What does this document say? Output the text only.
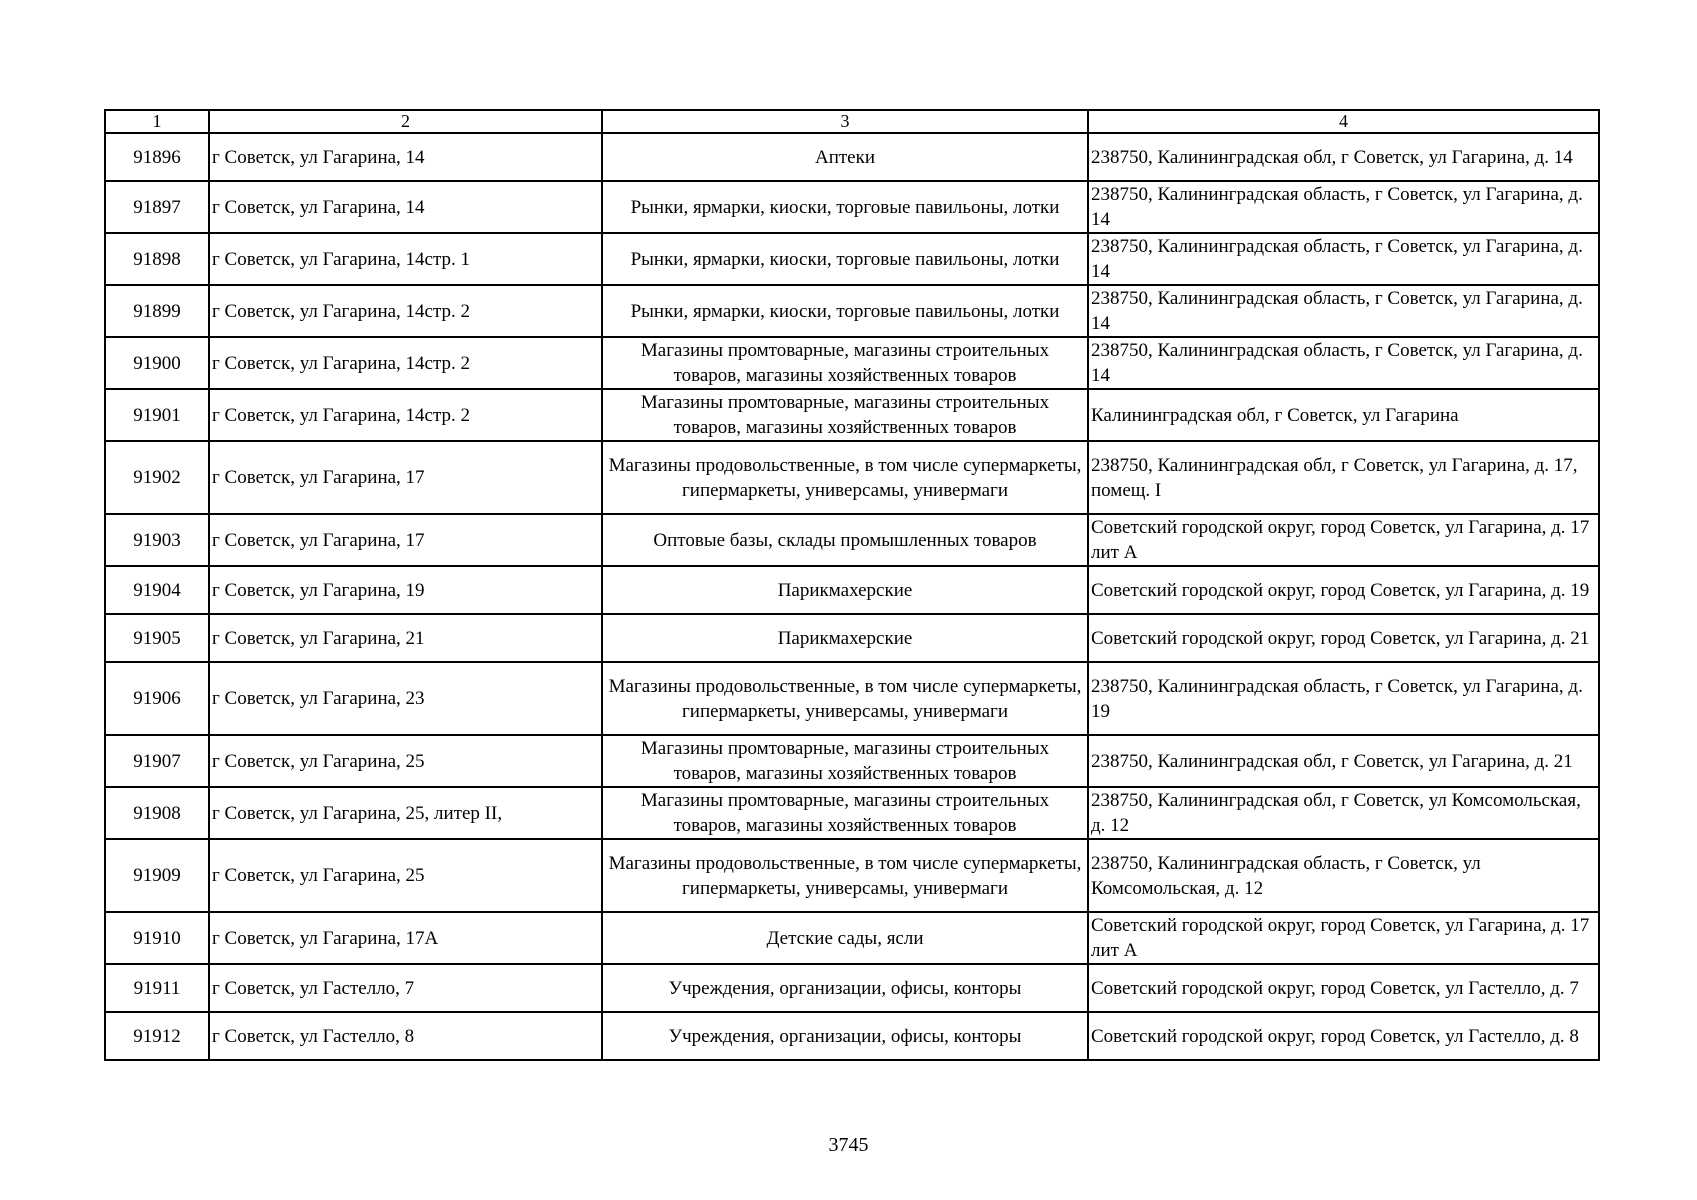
1	2	3	4
91896	г Советск, ул Гагарина, 14	Аптеки	238750, Калининградская обл, г Советск, ул Гагарина, д. 14
91897	г Советск, ул Гагарина, 14	Рынки, ярмарки, киоски, торговые павильоны, лотки	238750, Калининградская область, г Советск, ул Гагарина, д. 14
91898	г Советск, ул Гагарина, 14стр. 1	Рынки, ярмарки, киоски, торговые павильоны, лотки	238750, Калининградская область, г Советск, ул Гагарина, д. 14
91899	г Советск, ул Гагарина, 14стр. 2	Рынки, ярмарки, киоски, торговые павильоны, лотки	238750, Калининградская область, г Советск, ул Гагарина, д. 14
91900	г Советск, ул Гагарина, 14стр. 2	Магазины промтоварные, магазины строительных товаров, магазины хозяйственных товаров	238750, Калининградская область, г Советск, ул Гагарина, д. 14
91901	г Советск, ул Гагарина, 14стр. 2	Магазины промтоварные, магазины строительных товаров, магазины хозяйственных товаров	Калининградская обл, г Советск, ул Гагарина
91902	г Советск, ул Гагарина, 17	Магазины продовольственные, в том числе супермаркеты, гипермаркеты, универсамы, универмаги	238750, Калининградская обл, г Советск, ул Гагарина, д. 17, помещ. I
91903	г Советск, ул Гагарина, 17	Оптовые базы, склады промышленных товаров	Советский городской округ, город Советск, ул Гагарина, д. 17 лит А
91904	г Советск, ул Гагарина, 19	Парикмахерские	Советский городской округ, город Советск, ул Гагарина, д. 19
91905	г Советск, ул Гагарина, 21	Парикмахерские	Советский городской округ, город Советск, ул Гагарина, д. 21
91906	г Советск, ул Гагарина, 23	Магазины продовольственные, в том числе супермаркеты, гипермаркеты, универсамы, универмаги	238750, Калининградская область, г Советск, ул Гагарина, д. 19
91907	г Советск, ул Гагарина, 25	Магазины промтоварные, магазины строительных товаров, магазины хозяйственных товаров	238750, Калининградская обл, г Советск, ул Гагарина, д. 21
91908	г Советск, ул Гагарина, 25, литер II,	Магазины промтоварные, магазины строительных товаров, магазины хозяйственных товаров	238750, Калининградская обл, г Советск, ул Комсомольская, д. 12
91909	г Советск, ул Гагарина, 25	Магазины продовольственные, в том числе супермаркеты, гипермаркеты, универсамы, универмаги	238750, Калининградская область, г Советск, ул Комсомольская, д. 12
91910	г Советск, ул Гагарина, 17А	Детские сады, ясли	Советский городской округ, город Советск, ул Гагарина, д. 17 лит А
91911	г Советск, ул Гастелло, 7	Учреждения, организации, офисы, конторы	Советский городской округ, город Советск, ул Гастелло, д. 7
91912	г Советск, ул Гастелло, 8	Учреждения, организации, офисы, конторы	Советский городской округ, город Советск, ул Гастелло, д. 8
3745
